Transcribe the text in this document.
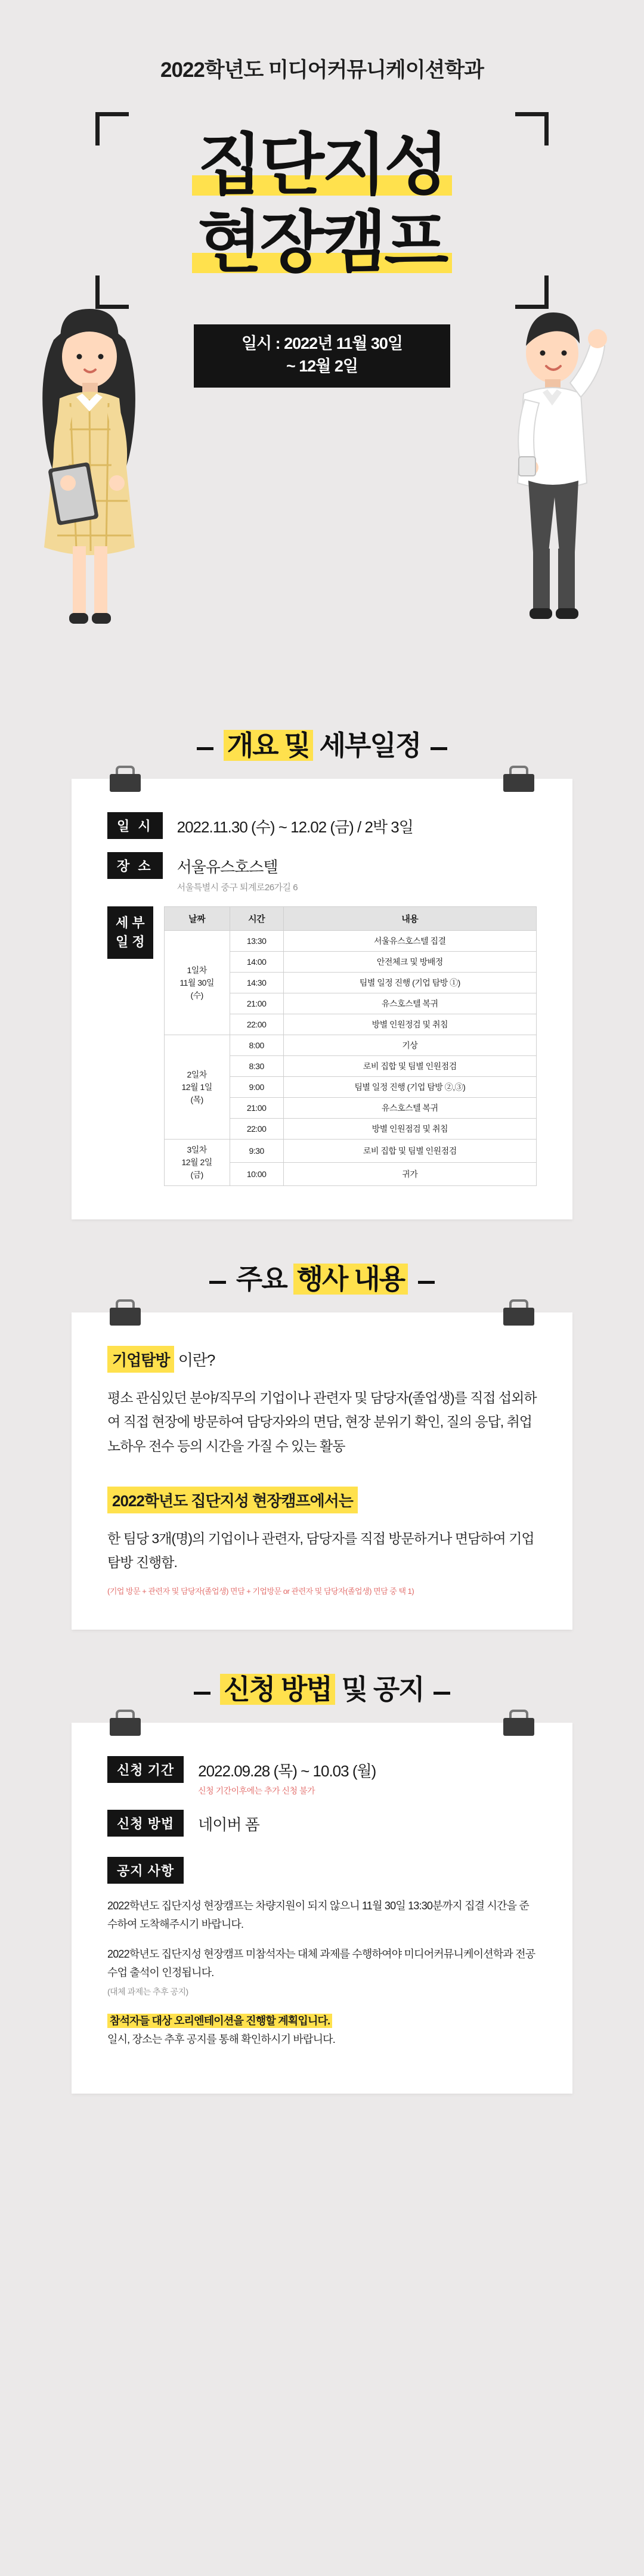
2022학년도 미디어커뮤니케이션학과
집단지성

현장캠프
일시 : 2022년 11월 30일
~ 12월 2일
개요 및 세부일정
일 시	2022.11.30 (수) ~ 12.02 (금) / 2박 3일
장 소	서울유스호스텔
서울특별시 중구 퇴계로26가길 6
세 부
일 정
날짜	시간	내용
1일차
11월 30일
(수)	13:30	서울유스호스텔 집결
	14:00	안전체크 및 방배정
	14:30	팀별 일정 진행 (기업 탐방 ①)
	21:00	유스호스텔 복귀
	22:00	방별 인원정검 및 취침
2일차
12월 1일
(목)	8:00	기상
	8:30	로비 집합 및 팀별 인원점검
	9:00	팀별 일정 진행 (기업 탐방 ②,③)
	21:00	유스호스텔 복귀
	22:00	방별 인원점검 및 취침
3일차
12월 2일
(금)	9:30	로비 집합 및 팀별 인원점검
	10:00	귀가
주요 행사 내용
기업탐방 이란?

평소 관심있던 분야/직무의 기업이나 관련자 및 담당자(졸업생)를 직접 섭외하여 직접 현장에 방문하여 담당자와의 면담, 현장 분위기 확인, 질의 응답, 취업 노하우 전수 등의 시간을 가질 수 있는 활동

2022학년도 집단지성 현장캠프에서는

한 팀당 3개(명)의 기업이나 관련자, 담당자를 직접 방문하거나 면담하여 기업탐방 진행함.

(기업 방문 + 관련자 및 담당자(졸업생) 면담 + 기업방문 or 관련자 및 담당자(졸업생) 면담 중 택 1)
신청 방법 및 공지
신청 기간	2022.09.28 (목) ~ 10.03 (월)
신청 기간이후에는 추가 신청 불가
신청 방법	네이버 폼
공지 사항

2022학년도 집단지성 현장캠프는 차량지원이 되지 않으니 11월 30일 13:30분까지 집결 시간을 준수하여 도착해주시기 바랍니다.

2022학년도 집단지성 현장캠프 미참석자는 대체 과제를 수행하여야 미디어커뮤니케이션학과 전공 수업 출석이 인정됩니다.
(대체 과제는 추후 공지)

참석자들 대상 오리엔테이션을 진행할 계획입니다.
일시, 장소는 추후 공지를 통해 확인하시기 바랍니다.
